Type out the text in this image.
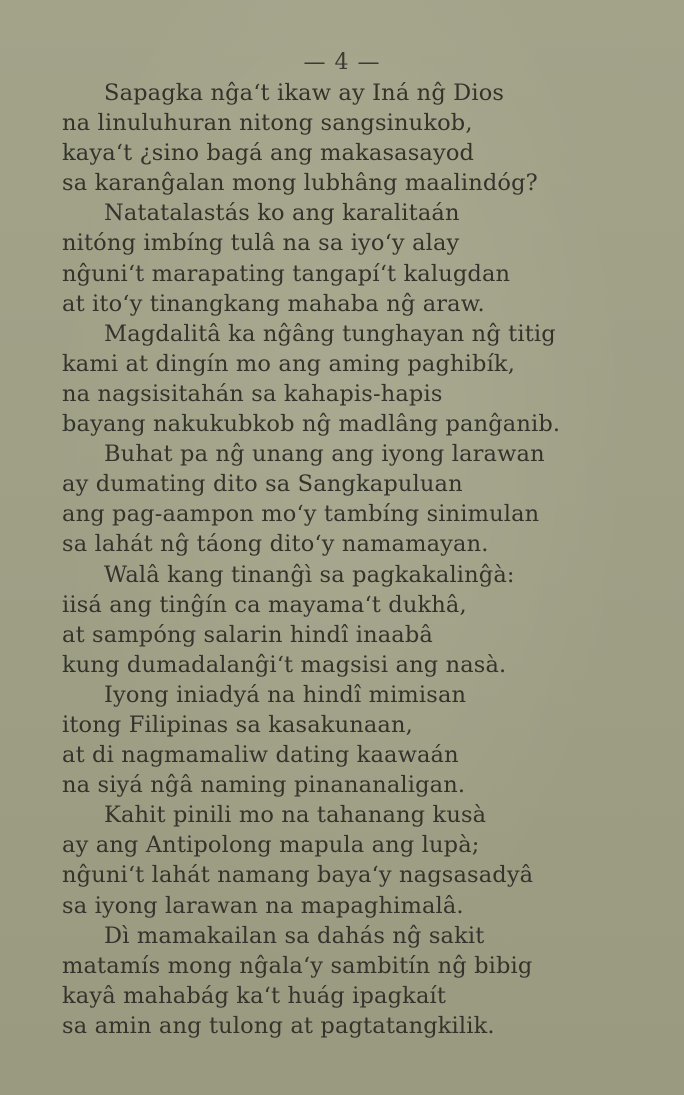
— 4 —
Sapagka nĝa‘t ikaw ay Iná nĝ Dios
na linuluhuran nitong sangsinukob,
kaya‘t ¿sino bagá ang makasasayod
sa karanĝalan mong lubhâng maalindóg?
Natatalastás ko ang karalitaán
nitóng imbíng tulâ na sa iyo‘y alay
nĝuni‘t marapating tangapí‘t kalugdan
at ito‘y tinangkang mahaba nĝ araw.
Magdalitâ ka nĝâng tunghayan nĝ titig
kami at dingín mo ang aming paghibík,
na nagsisitahán sa kahapis-hapis
bayang nakukubkob nĝ madlâng panĝanib.
Buhat pa nĝ unang ang iyong larawan
ay dumating dito sa Sangkapuluan
ang pag-aampon mo‘y tambíng sinimulan
sa lahát nĝ táong dito‘y namamayan.
Walâ kang tinanĝì sa pagkakalinĝà:
iisá ang tinĝín ca mayama‘t dukhâ,
at sampóng salarin hindî inaabâ
kung dumadalanĝi‘t magsisi ang nasà.
Iyong iniadyá na hindî mimisan
itong Filipinas sa kasakunaan,
at di nagmamaliw dating kaawaán
na siyá nĝâ naming pinananaligan.
Kahit pinili mo na tahanang kusà
ay ang Antipolong mapula ang lupà;
nĝuni‘t lahát namang baya‘y nagsasadyâ
sa iyong larawan na mapaghimalâ.
Dì mamakailan sa dahás nĝ sakit
matamís mong nĝala‘y sambitín nĝ bibig
kayâ mahabág ka‘t huág ipagkaít
sa amin ang tulong at pagtatangkilik.
